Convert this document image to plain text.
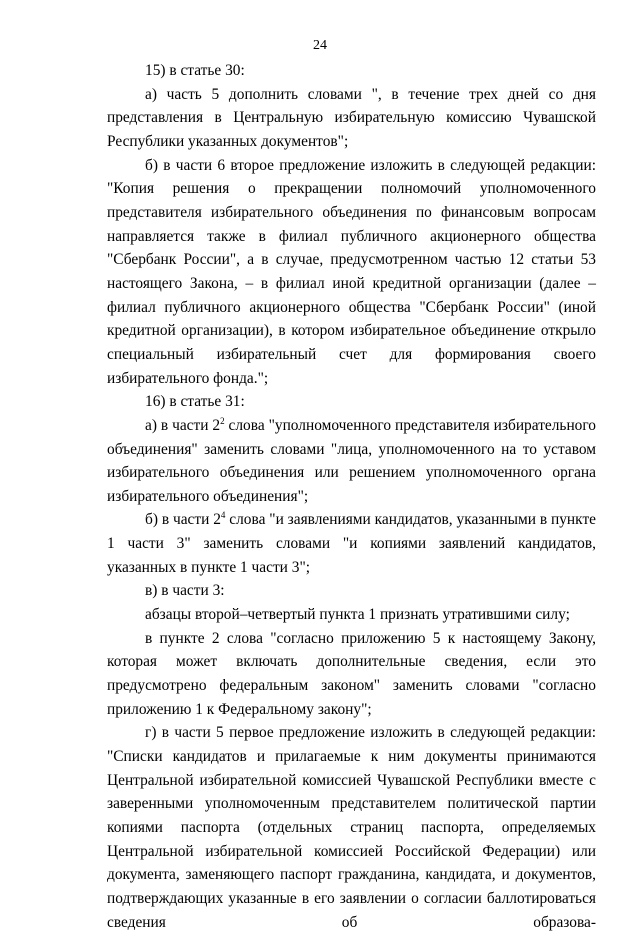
24

15) в статье 30:

а) часть 5 дополнить словами ", в течение трех дней со дня представления в Центральную избирательную комиссию Чувашской Республики указанных документов";

б) в части 6 второе предложение изложить в следующей редакции: "Копия решения о прекращении полномочий уполномоченного представителя избирательного объединения по финансовым вопросам направляется также в филиал публичного акционерного общества "Сбербанк России", а в случае, предусмотренном частью 12 статьи 53 настоящего Закона, – в филиал иной кредитной организации (далее – филиал публичного акционерного общества "Сбербанк России" (иной кредитной организации), в котором избирательное объединение открыло специальный избирательный счет для формирования своего избирательного фонда.";

16) в статье 31:

а) в части $2^2$ слова "уполномоченного представителя избирательного объединения" заменить словами "лица, уполномоченного на то уставом избирательного объединения или решением уполномоченного органа избирательного объединения";

б) в части $2^4$ слова "и заявлениями кандидатов, указанными в пункте 1 части 3" заменить словами "и копиями заявлений кандидатов, указанных в пункте 1 части 3";

в) в части 3:

абзацы второй–четвертый пункта 1 признать утратившими силу;

в пункте 2 слова "согласно приложению 5 к настоящему Закону, которая может включать дополнительные сведения, если это предусмотрено федеральным законом" заменить словами "согласно приложению 1 к Федеральному закону";

г) в части 5 первое предложение изложить в следующей редакции: "Списки кандидатов и прилагаемые к ним документы принимаются Центральной избирательной комиссией Чувашской Республики вместе с заверенными уполномоченным представителем политической партии копиями паспорта (отдельных страниц паспорта, определяемых Центральной избирательной комиссией Российской Федерации) или документа, заменяющего паспорт гражданина, кандидата, и документов, подтверждающих указанные в его заявлении о согласии баллотироваться сведения об образова-
